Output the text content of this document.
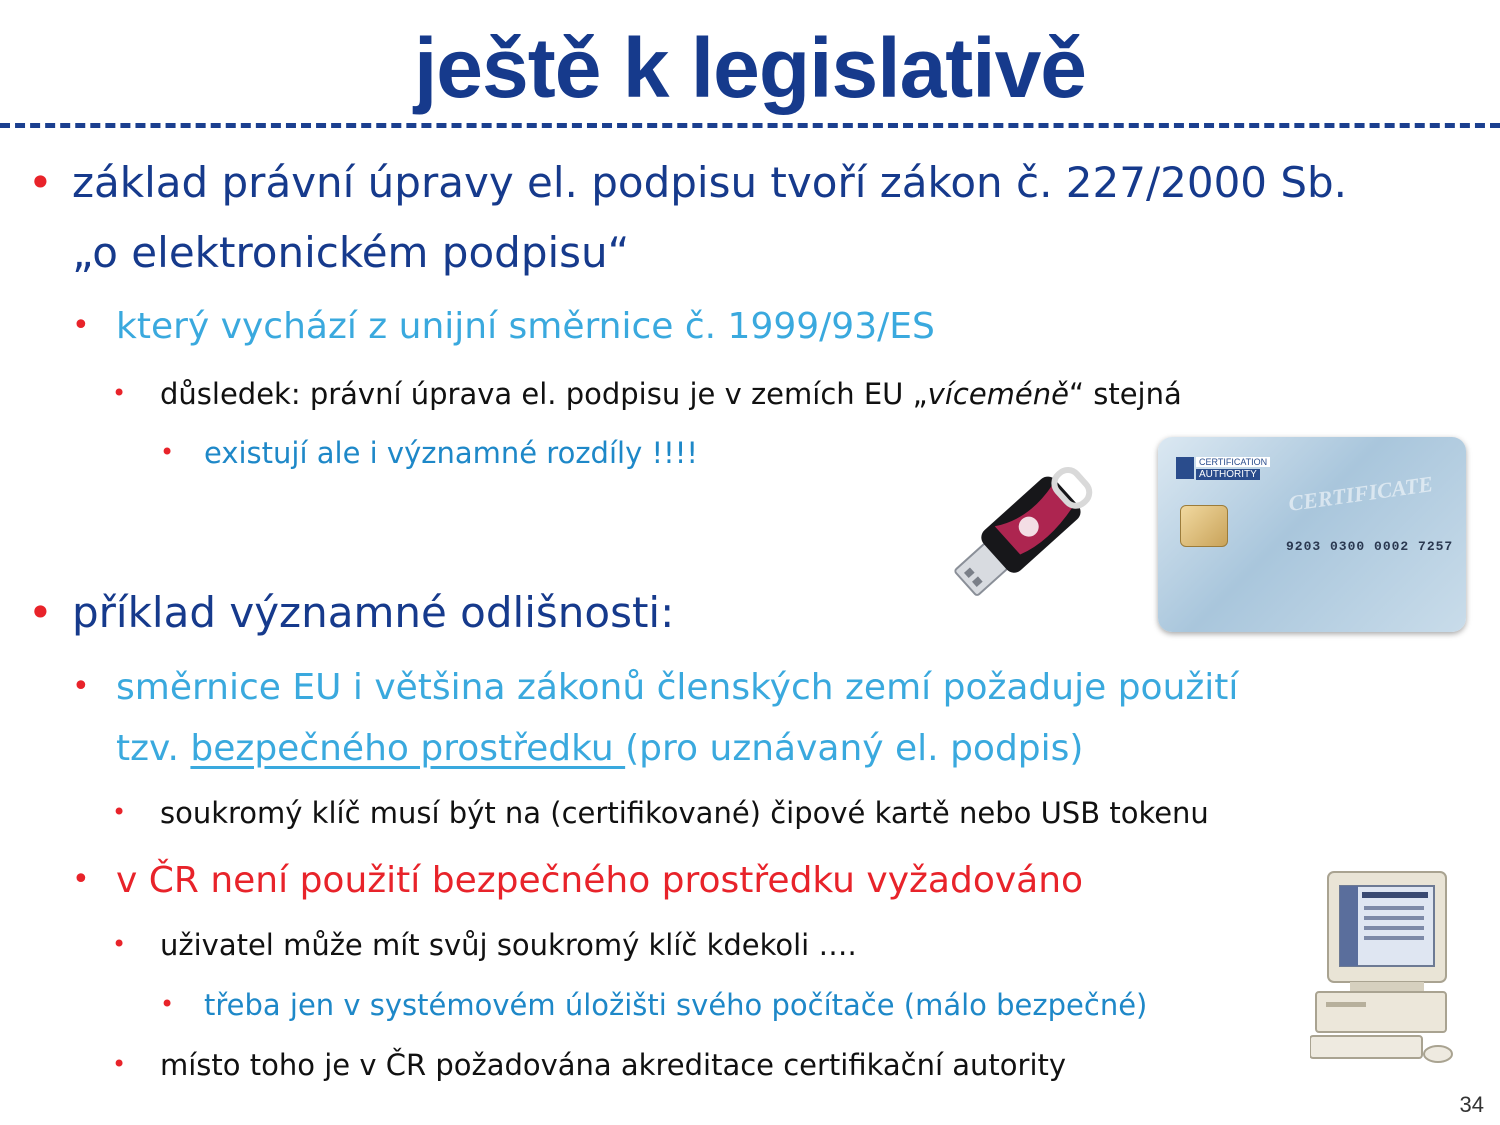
ještě k legislativě
• základ právní úpravy el. podpisu tvoří zákon č. 227/2000 Sb.
„o elektronickém podpisu“
• který vychází z unijní směrnice č. 1999/93/ES
• důsledek: právní úprava el. podpisu je v zemích EU „víceméně“ stejná
• existují ale i významné rozdíly !!!!
• příklad významné odlišnosti:
• směrnice EU i většina zákonů členských zemí požaduje použití
tzv. bezpečného prostředku (pro uznávaný el. podpis)
• soukromý klíč musí být na (certifikované) čipové kartě nebo USB tokenu
• v ČR není použití bezpečného prostředku vyžadováno
• uživatel může mít svůj soukromý klíč kdekoli ….
• třeba jen v systémovém úložišti svého počítače (málo bezpečné)
• místo toho je v ČR požadována akreditace certifikační autority
CERTIFICATION
AUTHORITY CERTIFICATE
9203 0300 0002 7257
34
